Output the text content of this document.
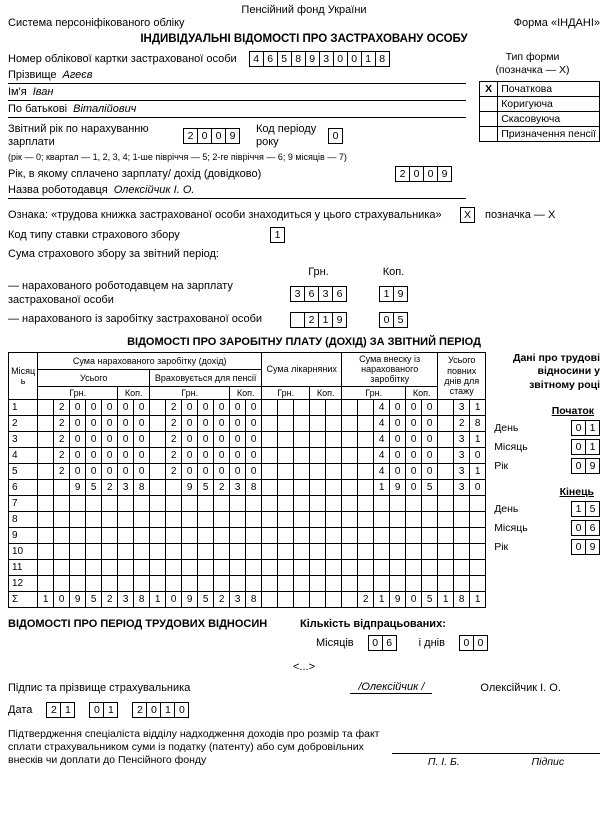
Пенсійний фонд України
Система персоніфікованого обліку	Форма «ІНДАНІ»
ІНДИВІДУАЛЬНІ ВІДОМОСТІ ПРО ЗАСТРАХОВАНУ ОСОБУ
Тип форми
(позначка — X)
X	Початкова
	Коригуюча
	Скасовуюча
	Призначення пенсії
Номер облікової картки застрахованої особи	4 6 5 8 9 3 0 0 1 8
Прізвище Агеєв
Ім'я Іван
По батькові Віталійович
Звітний рік по нарахуванню
зарплати	2 0 0 9
Код періоду
року	0
(рік — 0; квартал — 1, 2, 3, 4; 1-ше півріччя — 5; 2-ге півріччя — 6; 9 місяців — 7)
Рік, в якому сплачено зарплату/ дохід (довідково)	2 0 0 9
Назва роботодавця Олексійчик І. О.
Ознака: «трудова книжка застрахованої особи знаходиться у цього страхувальника»	X	позначка — X
Код типу ставки страхового збору	1
Сума страхового збору за звітний період:
Грн.	Коп.
— нарахованого роботодавцем на зарплату
застрахованої особи	3 6 3 6	1 9
— нарахованого із заробітку застрахованої особи	2 1 9	0 5
ВІДОМОСТІ ПРО ЗАРОБІТНУ ПЛАТУ (ДОХІД) ЗА ЗВІТНИЙ ПЕРІОД
Місяць	Сума нарахованого заробітку (дохід)														Сума лікарняних					Сума внеску із нарахованого заробітку						Усього повних днів для стажу		
	Усього							Враховується для пенсії																				
	Грн.					Коп.		Грн.					Коп.		Грн.			Коп.		Грн.				Коп.				
1		2	0	0	0	0	0		2	0	0	0	0	0								4	0	0	0		3	1
2		2	0	0	0	0	0		2	0	0	0	0	0								4	0	0	0		2	8
3		2	0	0	0	0	0		2	0	0	0	0	0								4	0	0	0		3	1
4		2	0	0	0	0	0		2	0	0	0	0	0								4	0	0	0		3	0
5		2	0	0	0	0	0		2	0	0	0	0	0								4	0	0	0		3	1
6			9	5	2	3	8			9	5	2	3	8								1	9	0	5		3	0
7																												
8																												
9																												
10																												
11																												
12																												
Σ	1	0	9	5	2	3	8	1	0	9	5	2	3	8							2	1	9	0	5	1	8	1
Дані про трудові відносини у звітному році
Початок
День	0 1
Місяць	0 1
Рік	0 9
Кінець
День	1 5
Місяць	0 6
Рік	0 9
ВІДОМОСТІ ПРО ПЕРІОД ТРУДОВИХ ВІДНОСИН	Кількість відпрацьованих:
Місяців	0 6	і днів	0 0
<...>
Підпис та прізвище страхувальника	/Олексійчик /	Олексійчик І. О.
Дата	2 1	0 1	2 0 1 0
Підтвердження спеціаліста відділу надходження доходів про розмір та факт сплати страхувальником суми із податку (патенту) або сум добровільних внесків чи доплати до Пенсійного фонду	П. І. Б.	Підпис
